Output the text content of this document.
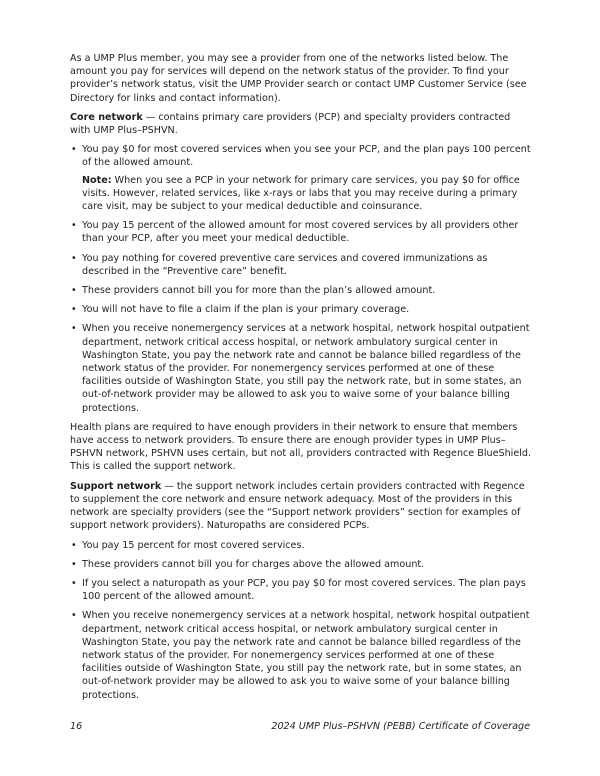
As a UMP Plus member, you may see a provider from one of the networks listed below. The amount you pay for services will depend on the network status of the provider. To find your provider’s network status, visit the UMP Provider search or contact UMP Customer Service (see Directory for links and contact information).

Core network — contains primary care providers (PCP) and specialty providers contracted with UMP Plus–PSHVN.

• You pay $0 for most covered services when you see your PCP, and the plan pays 100 percent of the allowed amount.

Note: When you see a PCP in your network for primary care services, you pay $0 for office visits. However, related services, like x-rays or labs that you may receive during a primary care visit, may be subject to your medical deductible and coinsurance.

• You pay 15 percent of the allowed amount for most covered services by all providers other than your PCP, after you meet your medical deductible.
• You pay nothing for covered preventive care services and covered immunizations as described in the “Preventive care” benefit.
• These providers cannot bill you for more than the plan’s allowed amount.
• You will not have to file a claim if the plan is your primary coverage.
• When you receive nonemergency services at a network hospital, network hospital outpatient department, network critical access hospital, or network ambulatory surgical center in Washington State, you pay the network rate and cannot be balance billed regardless of the network status of the provider. For nonemergency services performed at one of these facilities outside of Washington State, you still pay the network rate, but in some states, an out-of-network provider may be allowed to ask you to waive some of your balance billing protections.

Health plans are required to have enough providers in their network to ensure that members have access to network providers. To ensure there are enough provider types in UMP Plus–PSHVN network, PSHVN uses certain, but not all, providers contracted with Regence BlueShield. This is called the support network.

Support network — the support network includes certain providers contracted with Regence to supplement the core network and ensure network adequacy. Most of the providers in this network are specialty providers (see the “Support network providers” section for examples of support network providers). Naturopaths are considered PCPs.

• You pay 15 percent for most covered services.
• These providers cannot bill you for charges above the allowed amount.
• If you select a naturopath as your PCP, you pay $0 for most covered services. The plan pays 100 percent of the allowed amount.
• When you receive nonemergency services at a network hospital, network hospital outpatient department, network critical access hospital, or network ambulatory surgical center in Washington State, you pay the network rate and cannot be balance billed regardless of the network status of the provider. For nonemergency services performed at one of these facilities outside of Washington State, you still pay the network rate, but in some states, an out-of-network provider may be allowed to ask you to waive some of your balance billing protections.
16	2024 UMP Plus–PSHVN (PEBB) Certificate of Coverage
